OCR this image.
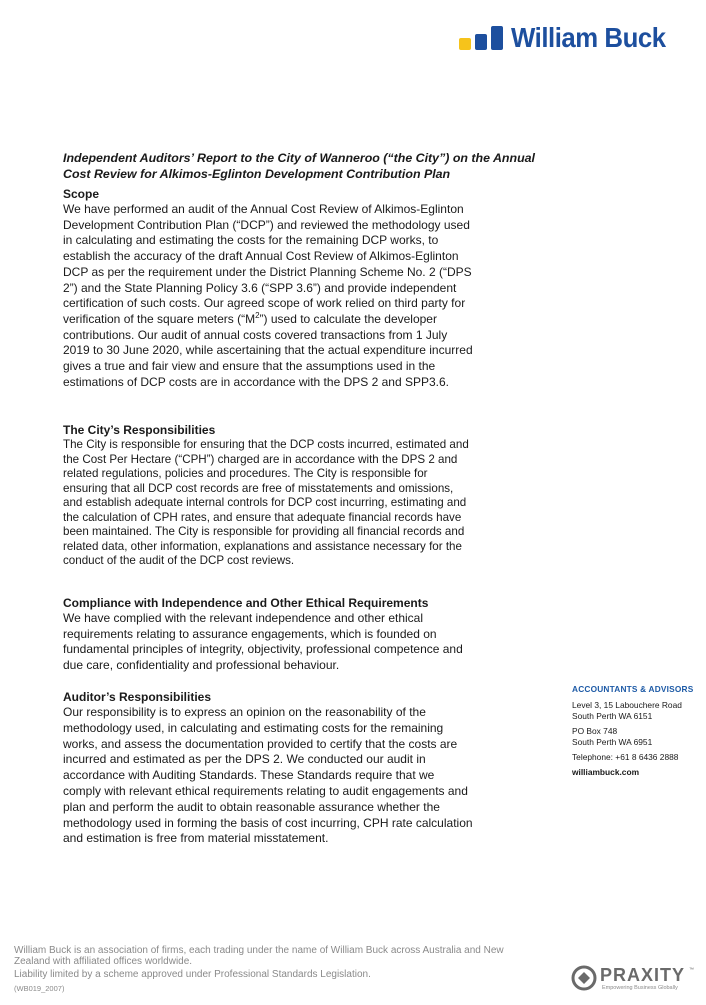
William Buck
Independent Auditors’ Report to the City of Wanneroo (“the City”) on the Annual Cost Review for Alkimos-Eglinton Development Contribution Plan
Scope

We have performed an audit of the Annual Cost Review of Alkimos-Eglinton Development Contribution Plan (“DCP”) and reviewed the methodology used in calculating and estimating the costs for the remaining DCP works, to establish the accuracy of the draft Annual Cost Review of Alkimos-Eglinton DCP as per the requirement under the District Planning Scheme No. 2 (“DPS 2”) and the State Planning Policy 3.6 (“SPP 3.6”) and provide independent certification of such costs. Our agreed scope of work relied on third party for verification of the square meters $(“M^2”)$ used to calculate the developer contributions. Our audit of annual costs covered transactions from 1 July 2019 to 30 June 2020, while ascertaining that the actual expenditure incurred gives a true and fair view and ensure that the assumptions used in the estimations of DCP costs are in accordance with the DPS 2 and SPP3.6.

The City’s Responsibilities

The City is responsible for ensuring that the DCP costs incurred, estimated and the Cost Per Hectare (“CPH”) charged are in accordance with the DPS 2 and related regulations, policies and procedures. The City is responsible for ensuring that all DCP cost records are free of misstatements and omissions, and establish adequate internal controls for DCP cost incurring, estimating and the calculation of CPH rates, and ensure that adequate financial records have been maintained. The City is responsible for providing all financial records and related data, other information, explanations and assistance necessary for the conduct of the audit of the DCP cost reviews.

Compliance with Independence and Other Ethical Requirements

We have complied with the relevant independence and other ethical requirements relating to assurance engagements, which is founded on fundamental principles of integrity, objectivity, professional competence and due care, confidentiality and professional behaviour.

Auditor’s Responsibilities

Our responsibility is to express an opinion on the reasonability of the methodology used, in calculating and estimating costs for the remaining works, and assess the documentation provided to certify that the costs are incurred and estimated as per the DPS 2. We conducted our audit in accordance with Auditing Standards. These Standards require that we comply with relevant ethical requirements relating to audit engagements and plan and perform the audit to obtain reasonable assurance whether the methodology used in forming the basis of cost incurring, CPH rate calculation and estimation is free from material misstatement.

ACCOUNTANTS & ADVISORS
Level 3, 15 Labouchere Road
South Perth WA 6151
PO Box 748
South Perth WA 6951
Telephone: +61 8 6436 2888
williambuck.com
William Buck is an association of firms, each trading under the name of William Buck across Australia and New Zealand with affiliated offices worldwide.
Liability limited by a scheme approved under Professional Standards Legislation.
(WB019_2007)
PRAXITY ™
Empowering Business Globally
